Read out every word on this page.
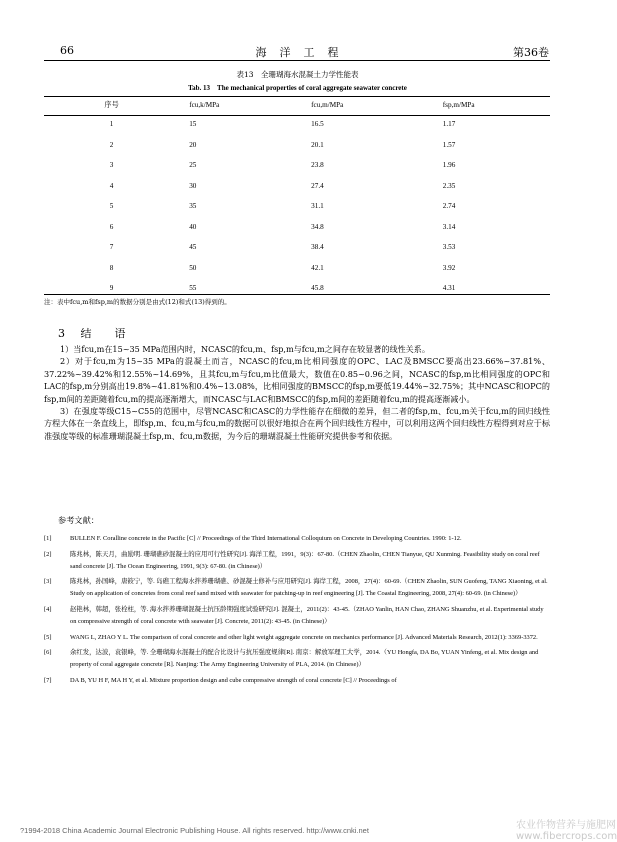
66	海　洋　工　程	第36卷
表13　全珊瑚海水混凝土力学性能表
Tab. 13　The mechanical properties of coral aggregate seawater concrete
序号	fcu,k/MPa	fcu,m/MPa	fsp,m/MPa
1	15	16.5	1.17
2	20	20.1	1.57
3	25	23.8	1.96
4	30	27.4	2.35
5	35	31.1	2.74
6	40	34.8	3.14
7	45	38.4	3.53
8	50	42.1	3.92
9	55	45.8	4.31
注：表中fcu,m和fsp,m的数据分别是由式(12)和式(13)得到的。
3 结　语

1）当fcu,m在15~35 MPa范围内时，NCASC的fcu,m、fsp,m与fcu,m之间存在较显著的线性关系。

2）对于fcu,m为15~35 MPa的混凝土而言，NCASC的fcu,m比相同强度的OPC、LAC及BMSCC要高出23.66%~37.81%、37.22%~39.42%和12.55%~14.69%，且其fcu,m与fcu,m比值最大，数值在0.85~0.96之间，NCASC的fsp,m比相同强度的OPC和LAC的fsp,m分别高出19.8%~41.81%和0.4%~13.08%，比相同强度的BMSCC的fsp,m要低19.44%~32.75%；其中NCASC和OPC的fsp,m间的差距随着fcu,m的提高逐渐增大，而NCASC与LAC和BMSCC的fsp,m间的差距随着fcu,m的提高逐渐减小。

3）在强度等级C15~C55的范围中，尽管NCASC和CASC的力学性能存在细微的差异，但二者的fsp,m、fcu,m关于fcu,m的回归线性方程大体在一条直线上，即fsp,m、fcu,m与fcu,m的数据可以很好地拟合在两个回归线性方程中，可以利用这两个回归线性方程得到对应于标准强度等级的标准珊瑚混凝土fsp,m、fcu,m数据，为今后的珊瑚混凝土性能研究提供参考和依据。

参考文献：
[1]	BULLEN F. Coralline concrete in the Pacific [C] // Proceedings of the Third International Colloquium on Concrete in Developing Countries. 1990: 1-12.
[2]	陈兆林，陈天月，曲励明. 珊瑚礁砂混凝土的应用可行性研究[J]. 海洋工程，1991，9(3)：67-80.（CHEN Zhaolin, CHEN Tianyue, QU Xunming. Feasibility study on coral reef sand concrete [J]. The Ocean Engineering, 1991, 9(3): 67-80. (in Chinese)）
[3]	陈兆林，孙国峰，唐筱宁，等. 岛礁工程海水拌养珊瑚礁、砂混凝土修补与应用研究[J]. 海岸工程，2008，27(4)：60-69.（CHEN Zhaolin, SUN Guofeng, TANG Xiaoning, et al. Study on application of concretes from coral reef sand mixed with seawater for patching-up in reef engineering [J]. The Coastal Engineering, 2008, 27(4): 60-69. (in Chinese)）
[4]	赵艳林，韩超，张栓柱，等. 海水拌养珊瑚混凝土抗压龄期强度试验研究[J]. 混凝土，2011(2)：43-45.（ZHAO Yanlin, HAN Chao, ZHANG Shuanzhu, et al. Experimental study on compressive strength of coral concrete with seawater [J]. Concrete, 2011(2): 43-45. (in Chinese)）
[5]	WANG L, ZHAO Y L. The comparison of coral concrete and other light weight aggregate concrete on mechanics performance [J]. Advanced Materials Research, 2012(1): 3369-3372.
[6]	余红发，达波，袁银峰，等. 全珊瑚海水混凝土的配合比设计与抗压强度规律[R]. 南京：解放军理工大学，2014.（YU Hongfa, DA Bo, YUAN Yinfeng, et al. Mix design and property of coral aggregate concrete [R]. Nanjing: The Army Engineering University of PLA, 2014. (in Chinese)）
[7]	DA B, YU H F, MA H Y, et al. Mixture proportion design and cube compressive strength of coral concrete [C] // Proceedings of
?1994-2018 China Academic Journal Electronic Publishing House. All rights reserved. http://www.cnki.net	农业作物营养与施肥网
www.fibercrops.com
